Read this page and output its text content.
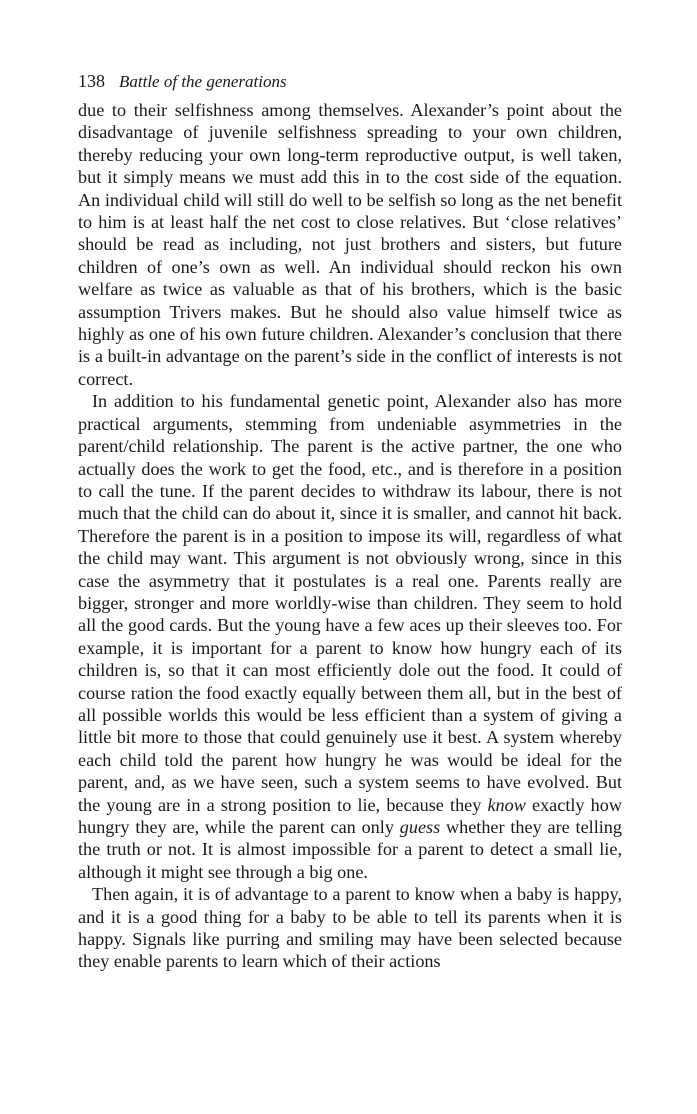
138 Battle of the generations

due to their selfishness among themselves. Alexander’s point about the disadvantage of juvenile selfishness spreading to your own children, thereby reducing your own long-term reproductive output, is well taken, but it simply means we must add this in to the cost side of the equation. An individual child will still do well to be selfish so long as the net benefit to him is at least half the net cost to close relatives. But ‘close relatives’ should be read as including, not just brothers and sisters, but future children of one’s own as well. An individual should reckon his own welfare as twice as valuable as that of his brothers, which is the basic assumption Trivers makes. But he should also value himself twice as highly as one of his own future children. Alexander’s conclusion that there is a built-in advantage on the parent’s side in the conflict of interests is not correct.

In addition to his fundamental genetic point, Alexander also has more practical arguments, stemming from undeniable asymmetries in the parent/child relationship. The parent is the active partner, the one who actually does the work to get the food, etc., and is therefore in a position to call the tune. If the parent decides to withdraw its labour, there is not much that the child can do about it, since it is smaller, and cannot hit back. Therefore the parent is in a position to impose its will, regardless of what the child may want. This argument is not obviously wrong, since in this case the asymmetry that it postulates is a real one. Parents really are bigger, stronger and more worldly-wise than children. They seem to hold all the good cards. But the young have a few aces up their sleeves too. For example, it is important for a parent to know how hungry each of its children is, so that it can most efficiently dole out the food. It could of course ration the food exactly equally between them all, but in the best of all possible worlds this would be less efficient than a system of giving a little bit more to those that could genuinely use it best. A system whereby each child told the parent how hungry he was would be ideal for the parent, and, as we have seen, such a system seems to have evolved. But the young are in a strong position to lie, because they know exactly how hungry they are, while the parent can only guess whether they are telling the truth or not. It is almost impossible for a parent to detect a small lie, although it might see through a big one.

Then again, it is of advantage to a parent to know when a baby is happy, and it is a good thing for a baby to be able to tell its parents when it is happy. Signals like purring and smiling may have been selected because they enable parents to learn which of their actions
